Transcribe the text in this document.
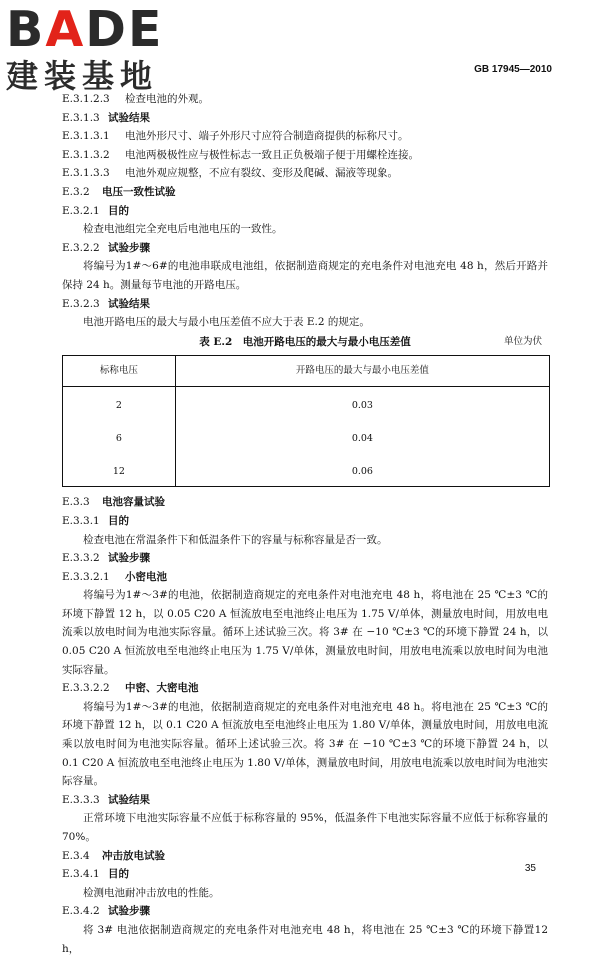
BADE
建装基地	GB 17945—2010
E.3.1.2.3 检查电池的外观。
E.3.1.3 试验结果
E.3.1.3.1 电池外形尺寸、端子外形尺寸应符合制造商提供的标称尺寸。
E.3.1.3.2 电池两极极性应与极性标志一致且正负极端子便于用螺栓连接。
E.3.1.3.3 电池外观应规整，不应有裂纹、变形及爬碱、漏液等现象。
E.3.2 电压一致性试验
E.3.2.1 目的
检查电池组完全充电后电池电压的一致性。
E.3.2.2 试验步骤
将编号为1#～6#的电池串联成电池组，依据制造商规定的充电条件对电池充电 48 h，然后开路并保持 24 h。测量每节电池的开路电压。
E.3.2.3 试验结果
电池开路电压的最大与最小电压差值不应大于表 E.2 的规定。
表 E.2　电池开路电压的最大与最小电压差值	单位为伏
标称电压	开路电压的最大与最小电压差值
2	0.03
6	0.04
12	0.06
E.3.3 电池容量试验
E.3.3.1 目的
检查电池在常温条件下和低温条件下的容量与标称容量是否一致。
E.3.3.2 试验步骤
E.3.3.2.1 小密电池
将编号为1#～3#的电池，依据制造商规定的充电条件对电池充电 48 h，将电池在 25 ℃±3 ℃的环境下静置 12 h，以 0.05 C20 A 恒流放电至电池终止电压为 1.75 V/单体，测量放电时间，用放电电流乘以放电时间为电池实际容量。循环上述试验三次。将 3# 在 −10 ℃±3 ℃的环境下静置 24 h，以 0.05 C20 A 恒流放电至电池终止电压为 1.75 V/单体，测量放电时间，用放电电流乘以放电时间为电池实际容量。
E.3.3.2.2 中密、大密电池
将编号为1#～3#的电池，依据制造商规定的充电条件对电池充电 48 h。将电池在 25 ℃±3 ℃的环境下静置 12 h，以 0.1 C20 A 恒流放电至电池终止电压为 1.80 V/单体，测量放电时间，用放电电流乘以放电时间为电池实际容量。循环上述试验三次。将 3# 在 −10 ℃±3 ℃的环境下静置 24 h，以 0.1 C20 A 恒流放电至电池终止电压为 1.80 V/单体，测量放电时间，用放电电流乘以放电时间为电池实际容量。
E.3.3.3 试验结果
正常环境下电池实际容量不应低于标称容量的 95%，低温条件下电池实际容量不应低于标称容量的 70%。
E.3.4 冲击放电试验
E.3.4.1 目的
检测电池耐冲击放电的性能。
E.3.4.2 试验步骤
将 3# 电池依据制造商规定的充电条件对电池充电 48 h，将电池在 25 ℃±3 ℃的环境下静置12 h，
35
